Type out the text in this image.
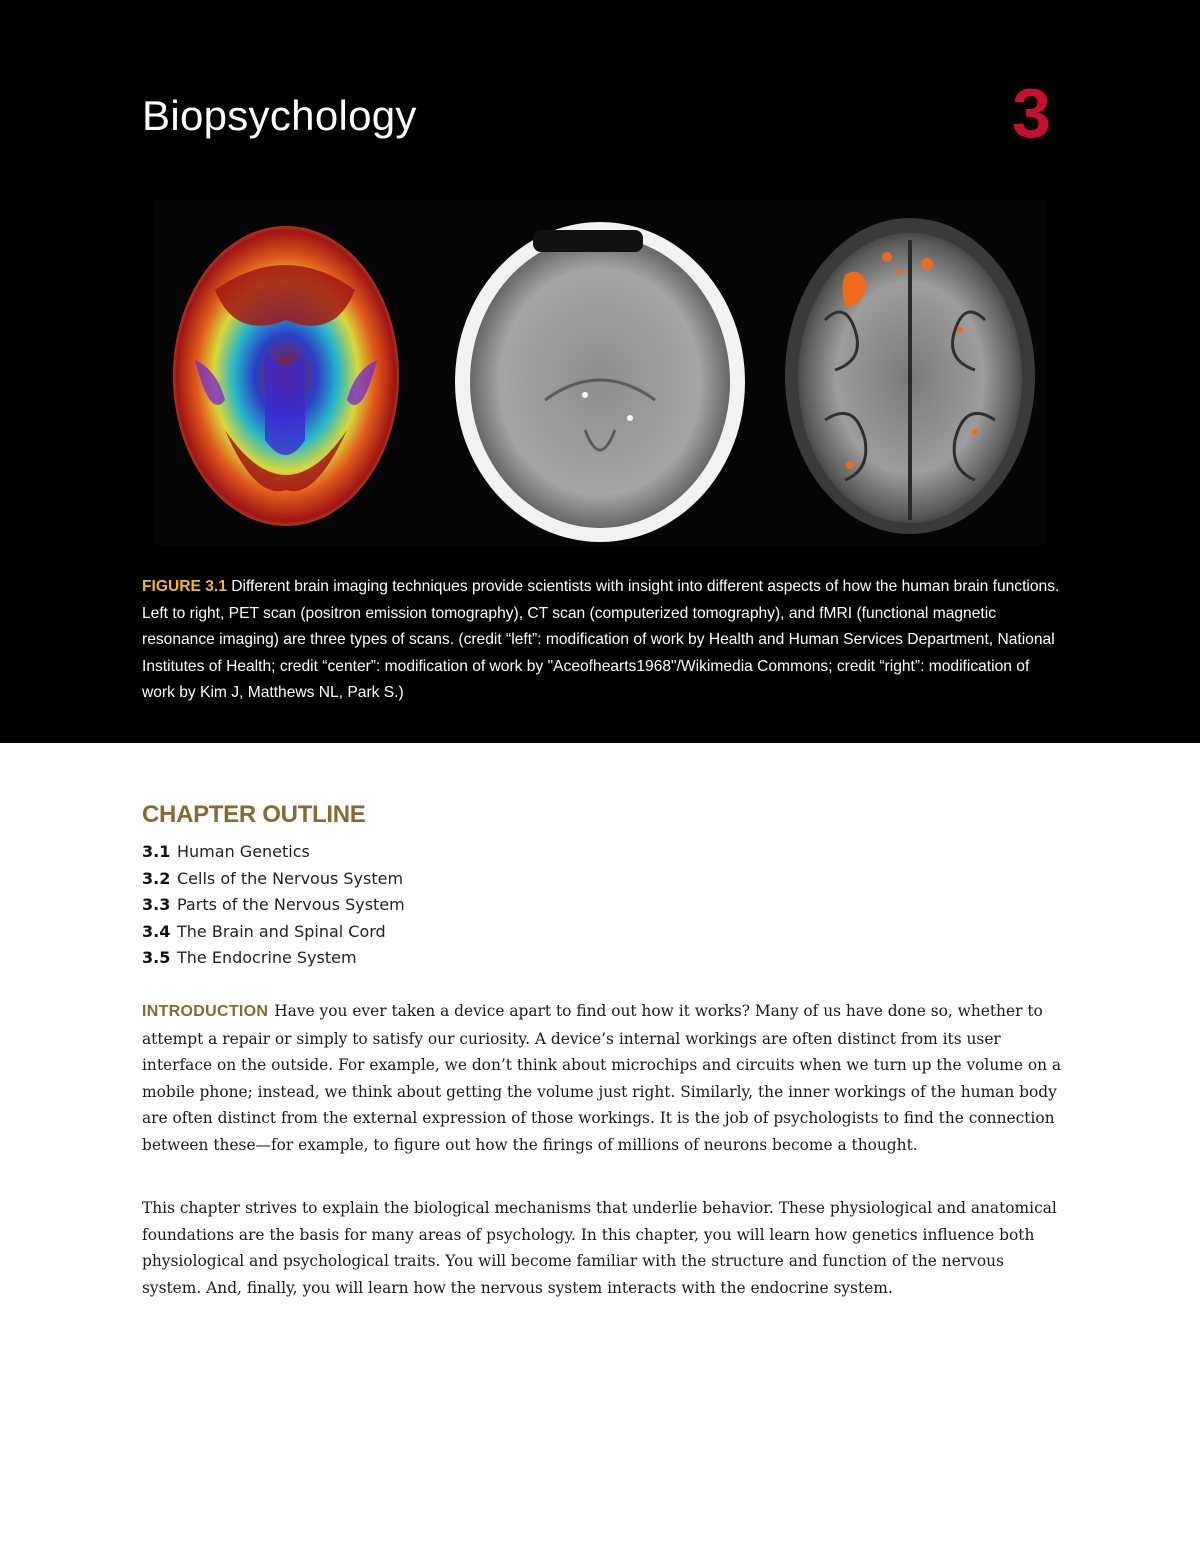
Biopsychology	3
FIGURE 3.1 Different brain imaging techniques provide scientists with insight into different aspects of how the human brain functions. Left to right, PET scan (positron emission tomography), CT scan (computerized tomography), and fMRI (functional magnetic resonance imaging) are three types of scans. (credit “left”: modification of work by Health and Human Services Department, National Institutes of Health; credit “center”: modification of work by "Aceofhearts1968"/Wikimedia Commons; credit “right”: modification of work by Kim J, Matthews NL, Park S.)
CHAPTER OUTLINE
3.1 Human Genetics
3.2 Cells of the Nervous System
3.3 Parts of the Nervous System
3.4 The Brain and Spinal Cord
3.5 The Endocrine System

INTRODUCTION Have you ever taken a device apart to find out how it works? Many of us have done so, whether to attempt a repair or simply to satisfy our curiosity. A device’s internal workings are often distinct from its user interface on the outside. For example, we don’t think about microchips and circuits when we turn up the volume on a mobile phone; instead, we think about getting the volume just right. Similarly, the inner workings of the human body are often distinct from the external expression of those workings. It is the job of psychologists to find the connection between these—for example, to figure out how the firings of millions of neurons become a thought.

This chapter strives to explain the biological mechanisms that underlie behavior. These physiological and anatomical foundations are the basis for many areas of psychology. In this chapter, you will learn how genetics influence both physiological and psychological traits. You will become familiar with the structure and function of the nervous system. And, finally, you will learn how the nervous system interacts with the endocrine system.
